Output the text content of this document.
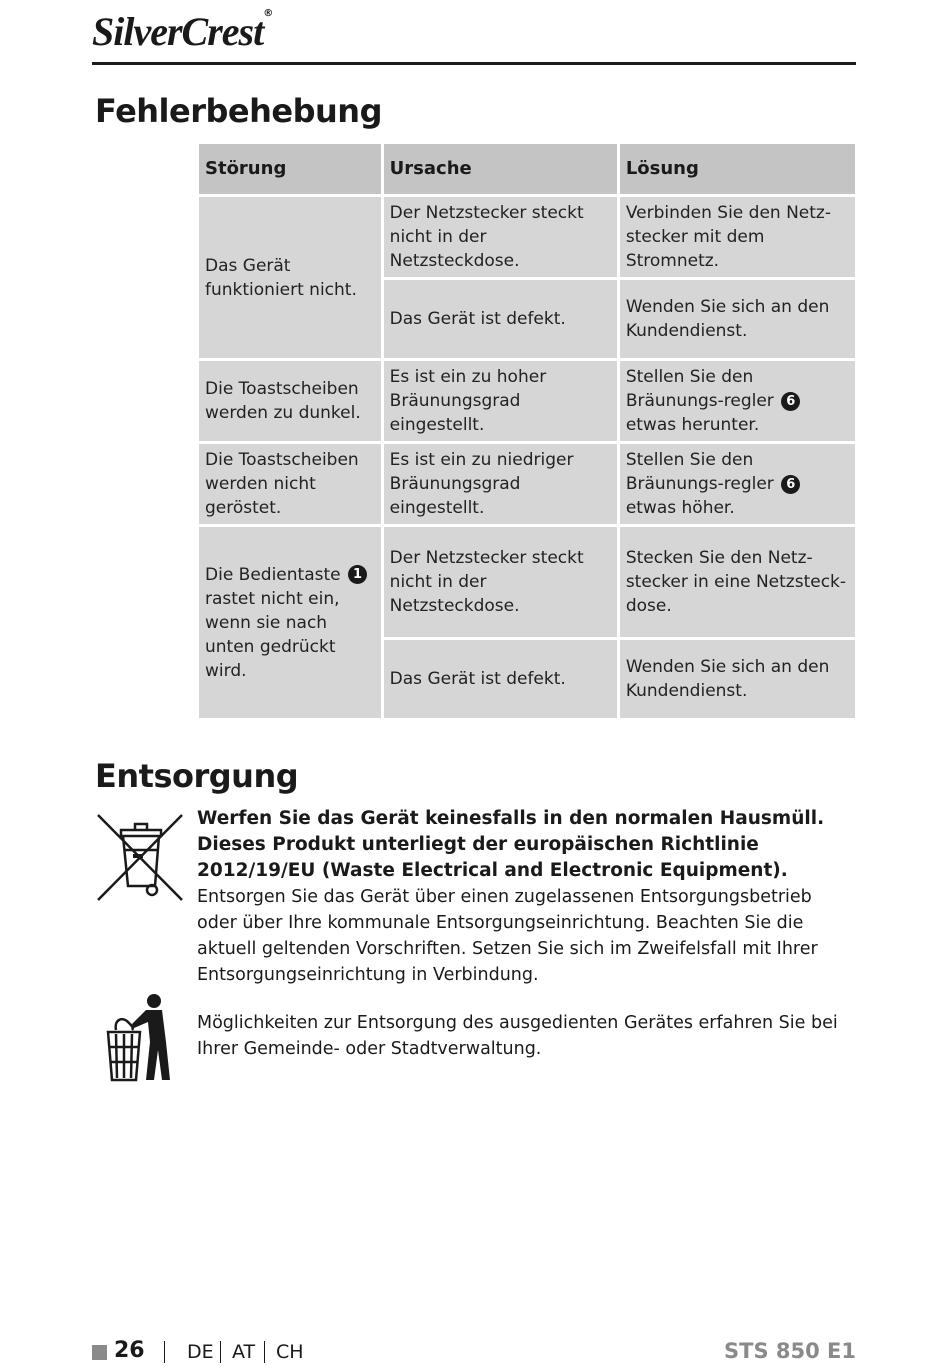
SilverCrest®
Fehlerbehebung
Störung	Ursache	Lösung
Das Gerät funktioniert nicht.	Der Netzstecker steckt nicht in der Netzsteckdose.	Verbinden Sie den Netz-stecker mit dem Stromnetz.
	Das Gerät ist defekt.	Wenden Sie sich an den Kundendienst.
Die Toastscheiben werden zu dunkel.	Es ist ein zu hoher Bräunungsgrad eingestellt.	Stellen Sie den Bräunungs-regler 6 etwas herunter.
Die Toastscheiben werden nicht geröstet.	Es ist ein zu niedriger Bräunungsgrad eingestellt.	Stellen Sie den Bräunungs-regler 6 etwas höher.
Die Bedientaste 1 rastet nicht ein, wenn sie nach unten gedrückt wird.	Der Netzstecker steckt nicht in der Netzsteckdose.	Stecken Sie den Netz-stecker in eine Netzsteck-dose.
	Das Gerät ist defekt.	Wenden Sie sich an den Kundendienst.
Entsorgung
Werfen Sie das Gerät keinesfalls in den normalen Hausmüll. Dieses Produkt unterliegt der europäischen Richtlinie 2012/19/EU (Waste Electrical and Electronic Equipment).
Entsorgen Sie das Gerät über einen zugelassenen Entsorgungsbetrieb oder über Ihre kommunale Entsorgungseinrichtung. Beachten Sie die aktuell geltenden Vorschriften. Setzen Sie sich im Zweifelsfall mit Ihrer Entsorgungseinrichtung in Verbindung.
Möglichkeiten zur Entsorgung des ausgedienten Gerätes erfahren Sie bei Ihrer Gemeinde- oder Stadtverwaltung.
26 DE AT CH	STS 850 E1
